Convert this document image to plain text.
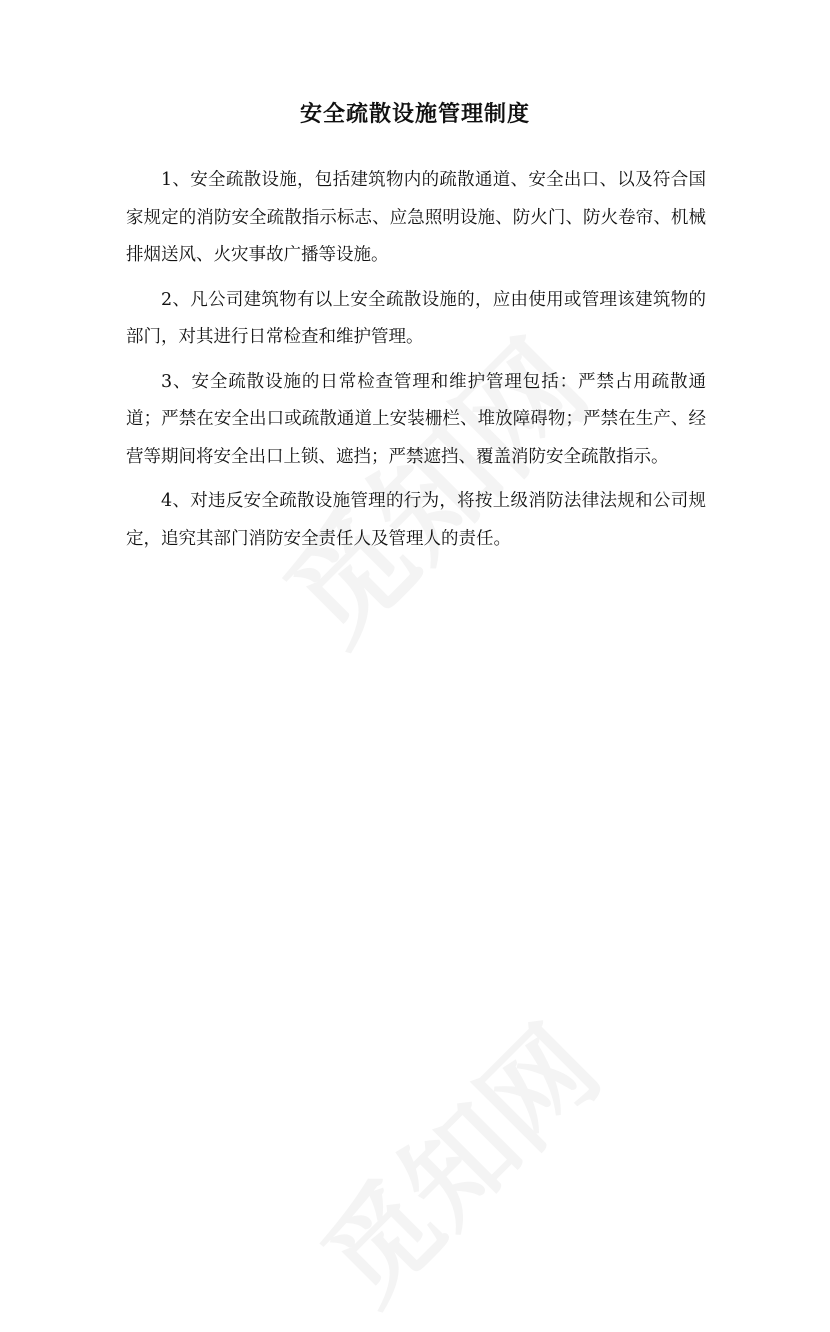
安全疏散设施管理制度

1、安全疏散设施，包括建筑物内的疏散通道、安全出口、以及符合国家规定的消防安全疏散指示标志、应急照明设施、防火门、防火卷帘、机械排烟送风、火灾事故广播等设施。

2、凡公司建筑物有以上安全疏散设施的，应由使用或管理该建筑物的部门，对其进行日常检查和维护管理。

3、安全疏散设施的日常检查管理和维护管理包括：严禁占用疏散通道；严禁在安全出口或疏散通道上安装栅栏、堆放障碍物；严禁在生产、经营等期间将安全出口上锁、遮挡；严禁遮挡、覆盖消防安全疏散指示。

4、对违反安全疏散设施管理的行为，将按上级消防法律法规和公司规定，追究其部门消防安全责任人及管理人的责任。
